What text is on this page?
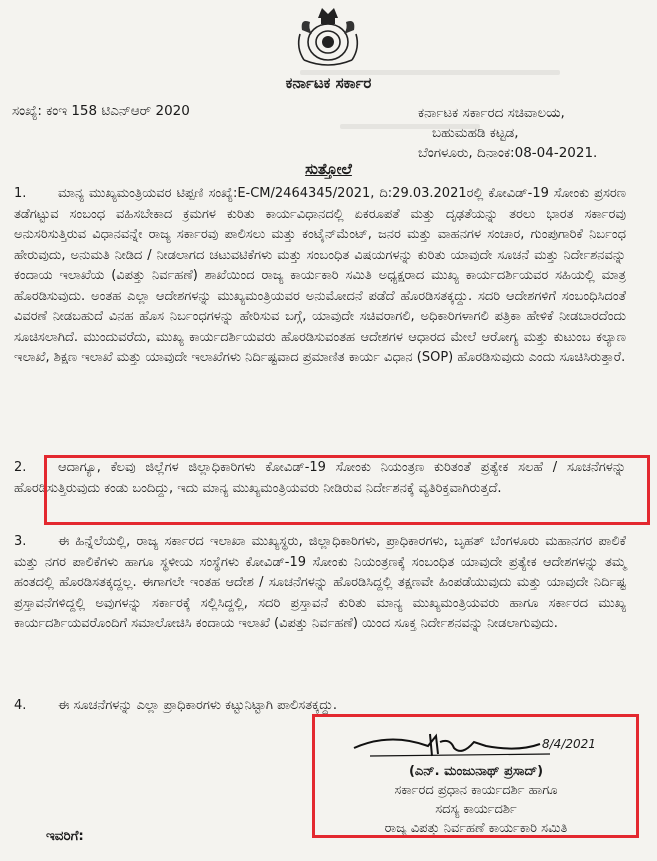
ಕರ್ನಾಟಕ ಸರ್ಕಾರ
ಸಂಖ್ಯೆ: ಕಂಇ 158 ಟಿಎನ್‌ಆರ್ 2020	ಕರ್ನಾಟಕ ಸರ್ಕಾರದ ಸಚಿವಾಲಯ,
ಬಹುಮಹಡಿ ಕಟ್ಟಡ,
ಬೆಂಗಳೂರು, ದಿನಾಂಕ:08-04-2021.
ಸುತ್ತೋಲೆ
1. ಮಾನ್ಯ ಮುಖ್ಯಮಂತ್ರಿಯವರ ಟಿಪ್ಪಣಿ ಸಂಖ್ಯೆ:E-CM/2464345/2021, ದಿ:29.03.2021ರಲ್ಲಿ ಕೋವಿಡ್-19 ಸೋಂಕು ಪ್ರಸರಣ ತಡೆಗಟ್ಟುವ ಸಂಬಂಧ ವಹಿಸಬೇಕಾದ ಕ್ರಮಗಳ ಕುರಿತು ಕಾರ್ಯವಿಧಾನದಲ್ಲಿ ಏಕರೂಪತೆ ಮತ್ತು ದೃಢತೆಯನ್ನು ತರಲು ಭಾರತ ಸರ್ಕಾರವು ಅನುಸರಿಸುತ್ತಿರುವ ವಿಧಾನವನ್ನೇ ರಾಜ್ಯ ಸರ್ಕಾರವು ಪಾಲಿಸಲು ಮತ್ತು ಕಂಟೈನ್‌ಮೆಂಟ್, ಜನರ ಮತ್ತು ವಾಹನಗಳ ಸಂಚಾರ, ಗುಂಪುಗಾರಿಕೆ ನಿರ್ಬಂಧ ಹೇರುವುದು, ಅನುಮತಿ ನೀಡಿದ / ನೀಡಲಾಗದ ಚಟುವಟಿಕೆಗಳು ಮತ್ತು ಸಂಬಂಧಿತ ವಿಷಯಗಳನ್ನು ಕುರಿತು ಯಾವುದೇ ಸೂಚನೆ ಮತ್ತು ನಿರ್ದೇಶನವನ್ನು ಕಂದಾಯ ಇಲಾಖೆಯ (ವಿಪತ್ತು ನಿರ್ವಹಣೆ) ಶಾಖೆಯಿಂದ ರಾಜ್ಯ ಕಾರ್ಯಕಾರಿ ಸಮಿತಿ ಅಧ್ಯಕ್ಷರಾದ ಮುಖ್ಯ ಕಾರ್ಯದರ್ಶಿಯವರ ಸಹಿಯಲ್ಲಿ ಮಾತ್ರ ಹೊರಡಿಸುವುದು. ಅಂತಹ ಎಲ್ಲಾ ಆದೇಶಗಳನ್ನು ಮುಖ್ಯಮಂತ್ರಿಯವರ ಅನುಮೋದನೆ ಪಡೆದೆ ಹೊರಡಿಸತಕ್ಕದ್ದು. ಸದರಿ ಆದೇಶಗಳಿಗೆ ಸಂಬಂಧಿಸಿದಂತೆ ವಿವರಣೆ ನೀಡಬಹುದೆ ವಿನಹ ಹೊಸ ನಿರ್ಬಂಧಗಳನ್ನು ಹೇರಿಸುವ ಬಗ್ಗೆ, ಯಾವುದೇ ಸಚಿವರಾಗಲಿ, ಅಧಿಕಾರಿಗಳಾಗಲಿ ಪತ್ರಿಕಾ ಹೇಳಿಕೆ ನೀಡಬಾರದೆಂದು ಸೂಚಿಸಲಾಗಿದೆ. ಮುಂದುವರೆದು, ಮುಖ್ಯ ಕಾರ್ಯದರ್ಶಿಯವರು ಹೊರಡಿಸುವಂತಹ ಆದೇಶಗಳ ಆಧಾರದ ಮೇಲೆ ಆರೋಗ್ಯ ಮತ್ತು ಕುಟುಂಬ ಕಲ್ಯಾಣ ಇಲಾಖೆ, ಶಿಕ್ಷಣ ಇಲಾಖೆ ಮತ್ತು ಯಾವುದೇ ಇಲಾಖೆಗಳು ನಿರ್ದಿಷ್ಟವಾದ ಪ್ರಮಾಣಿತ ಕಾರ್ಯ ವಿಧಾನ (SOP) ಹೊರಡಿಸುವುದು ಎಂದು ಸೂಚಿಸಿರುತ್ತಾರೆ.
2. ಆದಾಗ್ಯೂ, ಕೆಲವು ಜಿಲ್ಲೆಗಳ ಜಿಲ್ಲಾಧಿಕಾರಿಗಳು ಕೋವಿಡ್-19 ಸೋಂಕು ನಿಯಂತ್ರಣ ಕುರಿತಂತೆ ಪ್ರತ್ಯೇಕ ಸಲಹೆ / ಸೂಚನೆಗಳನ್ನು ಹೊರಡಿಸುತ್ತಿರುವುದು ಕಂಡು ಬಂದಿದ್ದು, ಇದು ಮಾನ್ಯ ಮುಖ್ಯಮಂತ್ರಿಯವರು ನೀಡಿರುವ ನಿರ್ದೇಶನಕ್ಕೆ ವ್ಯತಿರಿಕ್ತವಾಗಿರುತ್ತದೆ.
3. ಈ ಹಿನ್ನೆಲೆಯಲ್ಲಿ, ರಾಜ್ಯ ಸರ್ಕಾರದ ಇಲಾಖಾ ಮುಖ್ಯಸ್ಥರು, ಜಿಲ್ಲಾಧಿಕಾರಿಗಳು, ಪ್ರಾಧಿಕಾರಗಳು, ಬೃಹತ್ ಬೆಂಗಳೂರು ಮಹಾನಗರ ಪಾಲಿಕೆ ಮತ್ತು ನಗರ ಪಾಲಿಕೆಗಳು ಹಾಗೂ ಸ್ಥಳೀಯ ಸಂಸ್ಥೆಗಳು ಕೋವಿಡ್-19 ಸೋಂಕು ನಿಯಂತ್ರಣಕ್ಕೆ ಸಂಬಂಧಿತ ಯಾವುದೇ ಪ್ರತ್ಯೇಕ ಆದೇಶಗಳನ್ನು ತಮ್ಮ ಹಂತದಲ್ಲಿ ಹೊರಡಿಸತಕ್ಕದ್ದಲ್ಲ. ಈಗಾಗಲೇ ಇಂತಹ ಆದೇಶ / ಸೂಚನೆಗಳನ್ನು ಹೊರಡಿಸಿದ್ದಲ್ಲಿ ತಕ್ಷಣವೇ ಹಿಂಪಡೆಯುವುದು ಮತ್ತು ಯಾವುದೇ ನಿರ್ದಿಷ್ಟ ಪ್ರಸ್ತಾವನೆಗಳಿದ್ದಲ್ಲಿ ಅವುಗಳನ್ನು ಸರ್ಕಾರಕ್ಕೆ ಸಲ್ಲಿಸಿದ್ದಲ್ಲಿ, ಸದರಿ ಪ್ರಸ್ತಾವನೆ ಕುರಿತು ಮಾನ್ಯ ಮುಖ್ಯಮಂತ್ರಿಯವರು ಹಾಗೂ ಸರ್ಕಾರದ ಮುಖ್ಯ ಕಾರ್ಯದರ್ಶಿಯವರೊಂದಿಗೆ ಸಮಾಲೋಚಿಸಿ ಕಂದಾಯ ಇಲಾಖೆ (ವಿಪತ್ತು ನಿರ್ವಹಣೆ) ಯಿಂದ ಸೂಕ್ತ ನಿರ್ದೇಶನವನ್ನು ನೀಡಲಾಗುವುದು.
4. ಈ ಸೂಚನೆಗಳನ್ನು ಎಲ್ಲಾ ಪ್ರಾಧಿಕಾರಗಳು ಕಟ್ಟುನಿಟ್ಟಾಗಿ ಪಾಲಿಸತಕ್ಕದ್ದು.
8/4/2021
(ಎನ್. ಮಂಜುನಾಥ್ ಪ್ರಸಾದ್)
ಸರ್ಕಾರದ ಪ್ರಧಾನ ಕಾರ್ಯದರ್ಶಿ ಹಾಗೂ
ಸದಸ್ಯ ಕಾರ್ಯದರ್ಶಿ
ರಾಜ್ಯ ವಿಪತ್ತು ನಿರ್ವಹಣೆ ಕಾರ್ಯಕಾರಿ ಸಮಿತಿ
ಇವರಿಗೆ:
